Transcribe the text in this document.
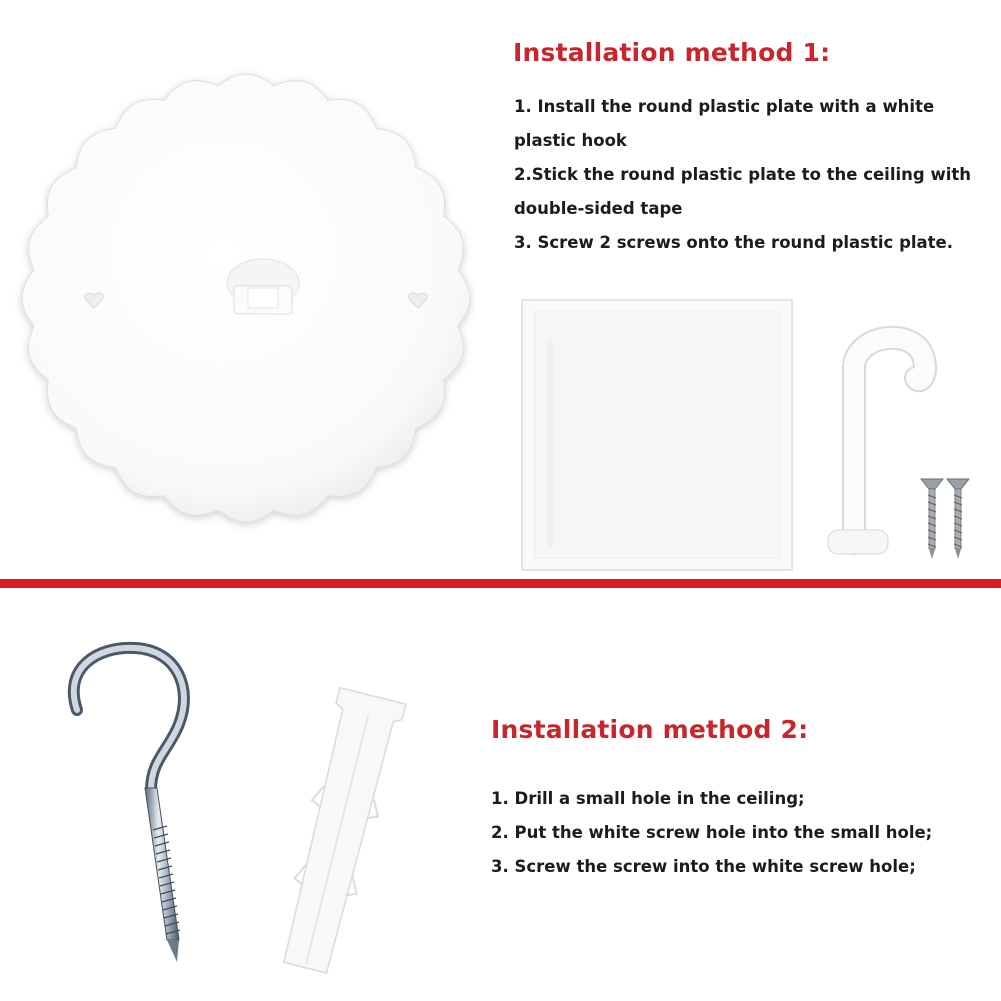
Installation method 1:
1. Install the round plastic plate with a white plastic hook
2.Stick the round plastic plate to the ceiling with double-sided tape
3. Screw 2 screws onto the round plastic plate.
Installation method 2:
1. Drill a small hole in the ceiling;
2. Put the white screw hole into the small hole;
3. Screw the screw into the white screw hole;
